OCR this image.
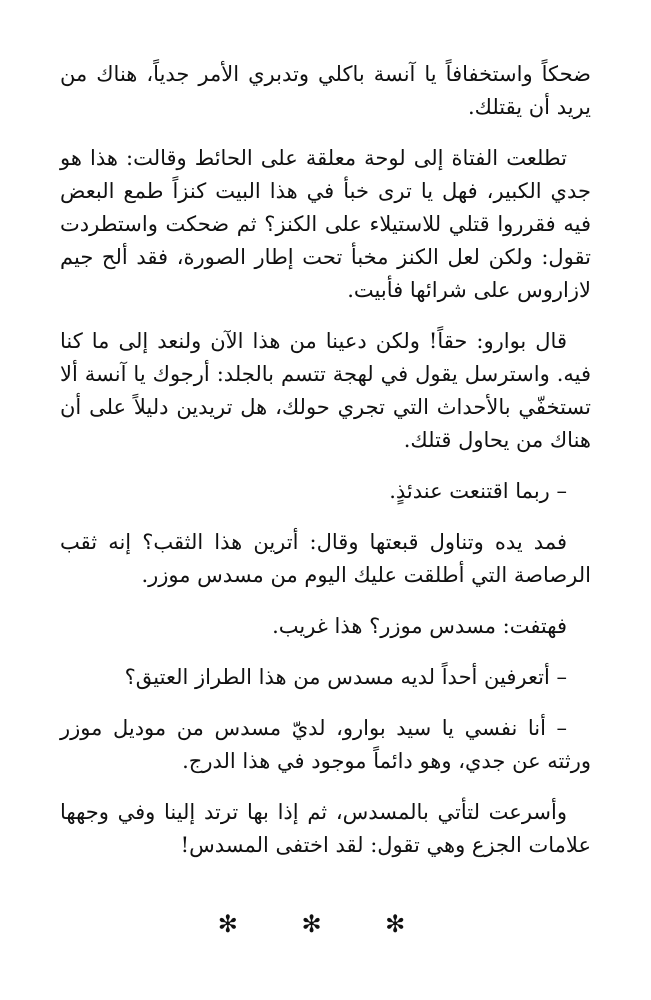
ضحكاً واستخفافاً يا آنسة باكلي وتدبري الأمر جدياً، هناك من يريد أن يقتلك.

تطلعت الفتاة إلى لوحة معلقة على الحائط وقالت: هذا هو جدي الكبير، فهل يا ترى خبأ في هذا البيت كنزاً طمع البعض فيه فقرروا قتلي للاستيلاء على الكنز؟ ثم ضحكت واستطردت تقول: ولكن لعل الكنز مخبأ تحت إطار الصورة، فقد ألح جيم لازاروس على شرائها فأبيت.

قال بوارو: حقاً! ولكن دعينا من هذا الآن ولنعد إلى ما كنا فيه. واسترسل يقول في لهجة تتسم بالجلد: أرجوك يا آنسة ألا تستخفّي بالأحداث التي تجري حولك، هل تريدين دليلاً على أن هناك من يحاول قتلك.

– ربما اقتنعت عندئذٍ.

فمد يده وتناول قبعتها وقال: أترين هذا الثقب؟ إنه ثقب الرصاصة التي أطلقت عليك اليوم من مسدس موزر.

فهتفت: مسدس موزر؟ هذا غريب.

– أتعرفين أحداً لديه مسدس من هذا الطراز العتيق؟

– أنا نفسي يا سيد بوارو، لديّ مسدس من موديل موزر ورثته عن جدي، وهو دائماً موجود في هذا الدرج.

وأسرعت لتأتي بالمسدس، ثم إذا بها ترتد إلينا وفي وجهها علامات الجزع وهي تقول: لقد اختفى المسدس!

✻ ✻ ✻
